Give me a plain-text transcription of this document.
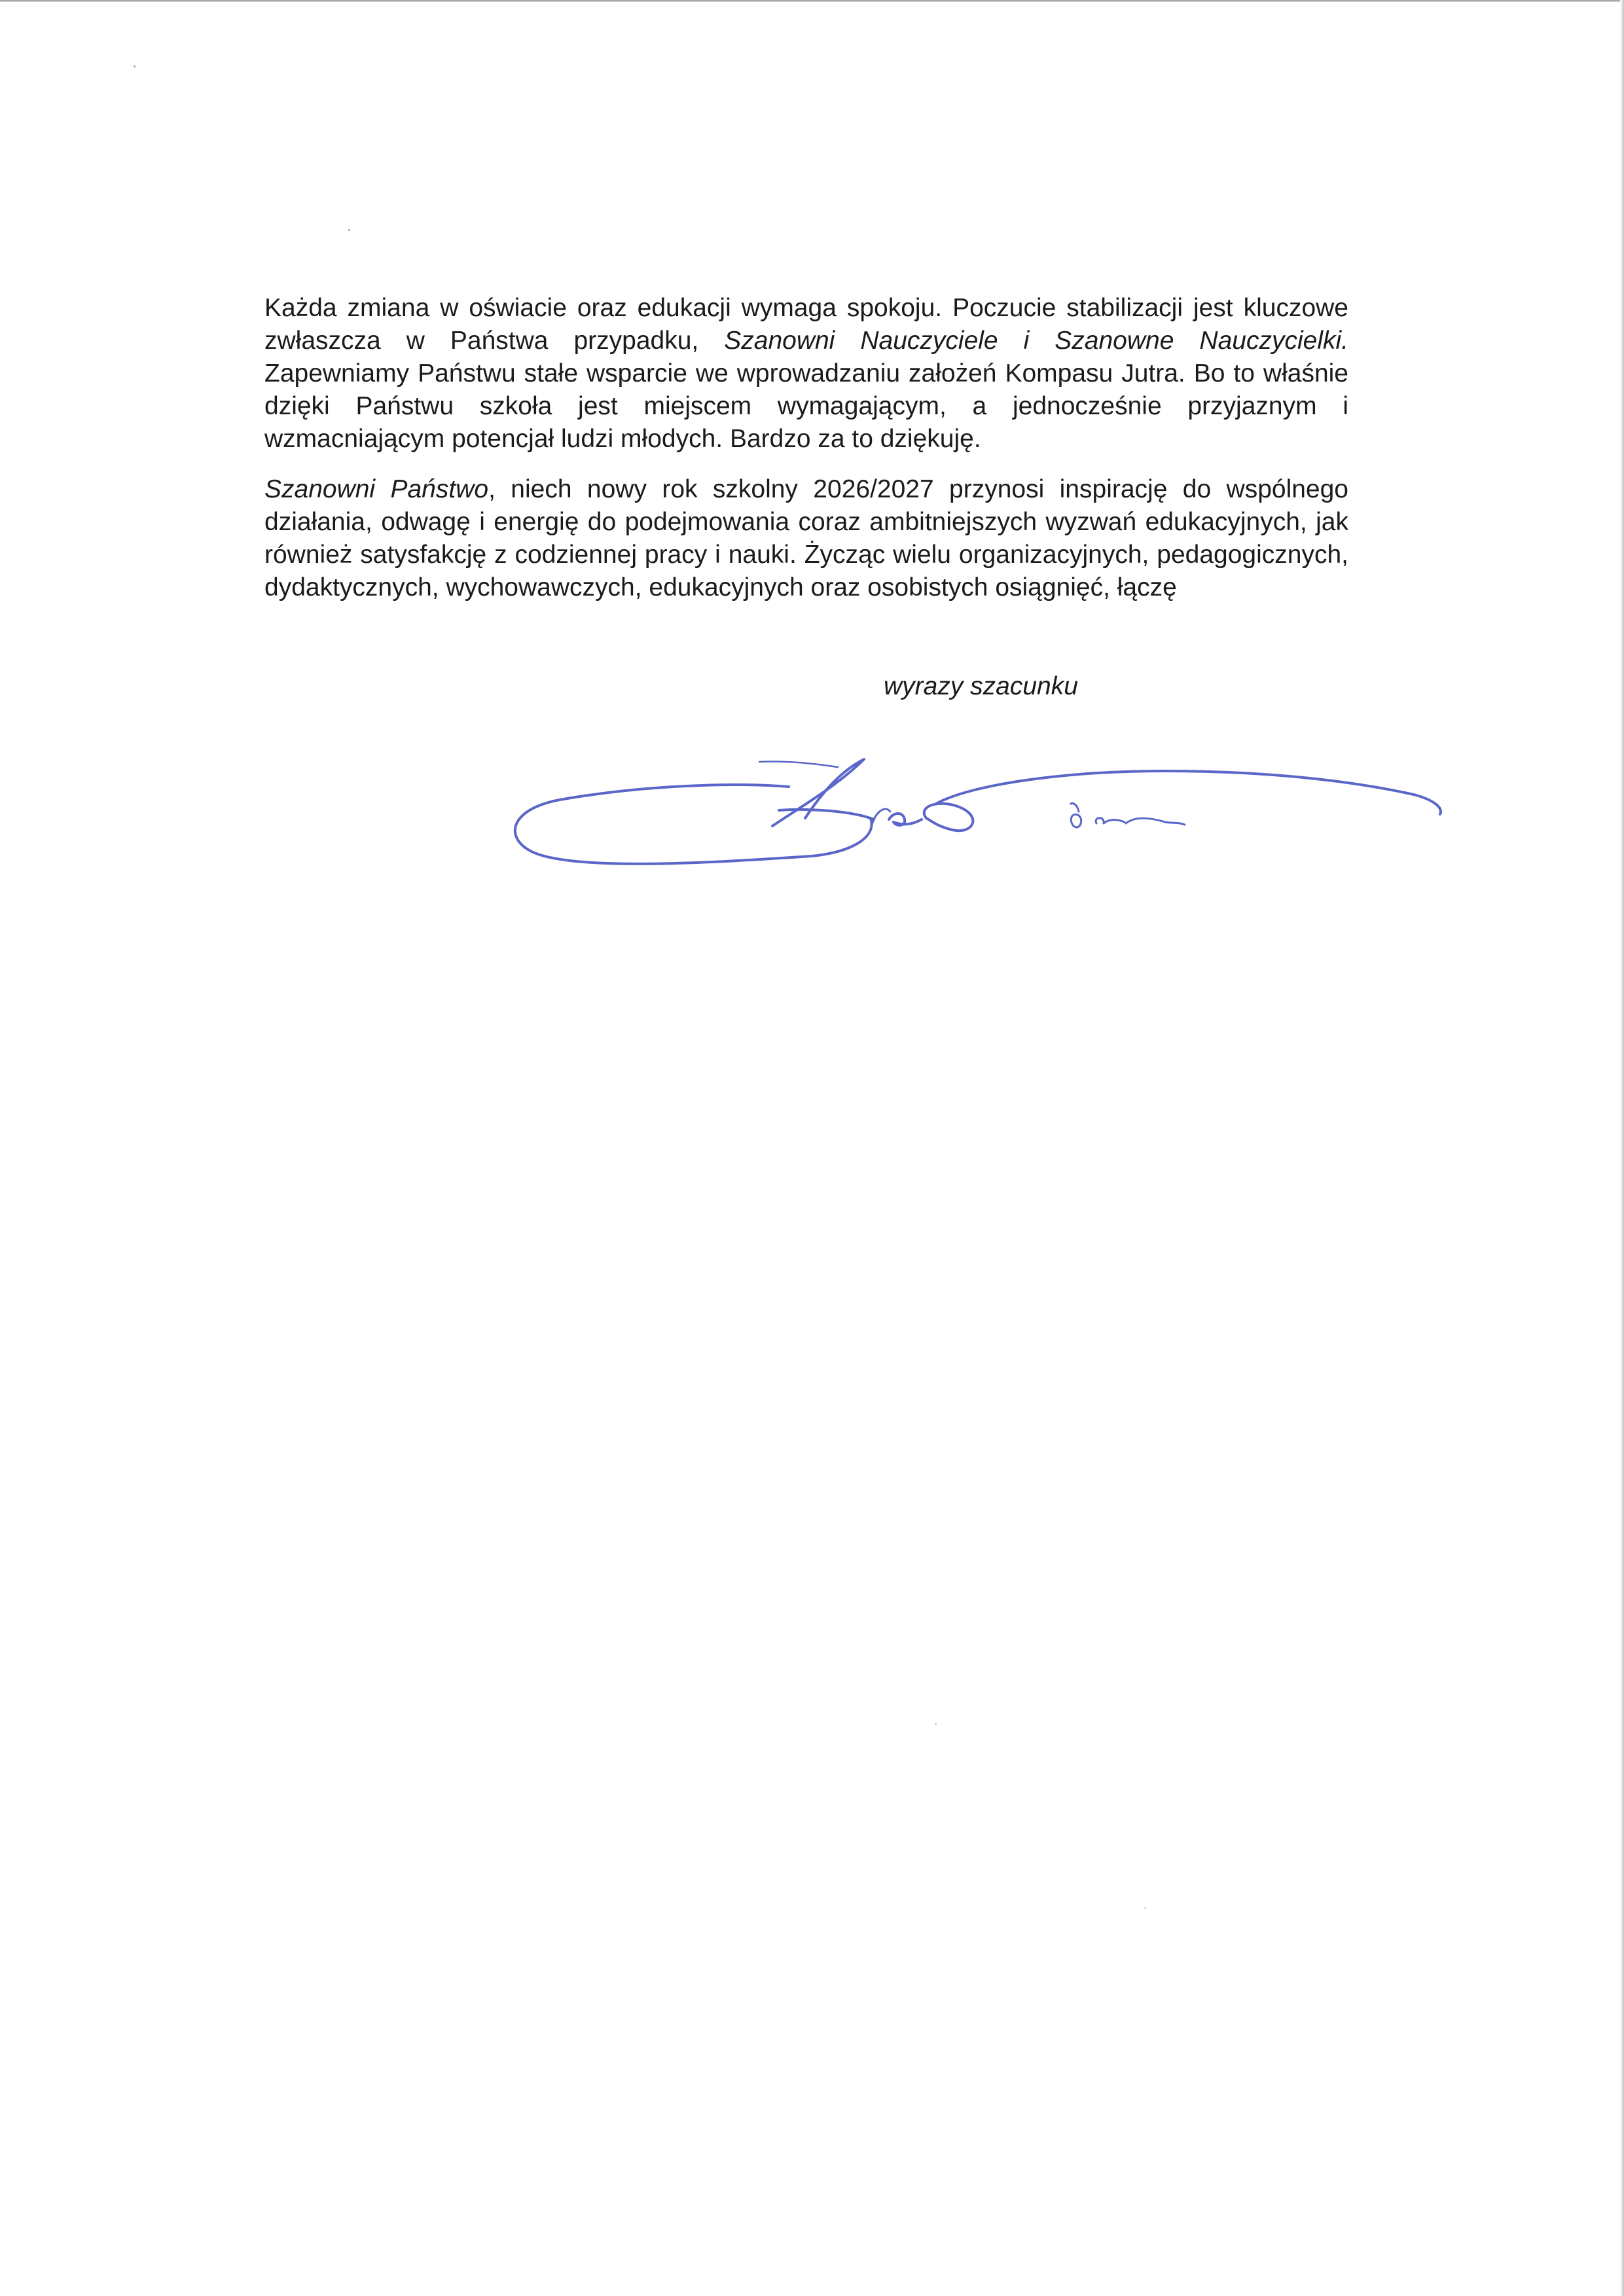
Każda zmiana w oświacie oraz edukacji wymaga spokoju. Poczucie stabilizacji jest kluczowe zwłaszcza w Państwa przypadku, Szanowni Nauczyciele i Szanowne Nauczycielki. Zapewniamy Państwu stałe wsparcie we wprowadzaniu założeń Kompasu Jutra. Bo to właśnie dzięki Państwu szkoła jest miejscem wymagającym, a jednocześnie przyjaznym i wzmacniającym potencjał ludzi młodych. Bardzo za to dziękuję.

Szanowni Państwo, niech nowy rok szkolny 2026/2027 przynosi inspirację do wspólnego działania, odwagę i energię do podejmowania coraz ambitniejszych wyzwań edukacyjnych, jak również satysfakcję z codziennej pracy i nauki. Życząc wielu organizacyjnych, pedagogicznych, dydaktycznych, wychowawczych, edukacyjnych oraz osobistych osiągnięć, łączę

wyrazy szacunku
